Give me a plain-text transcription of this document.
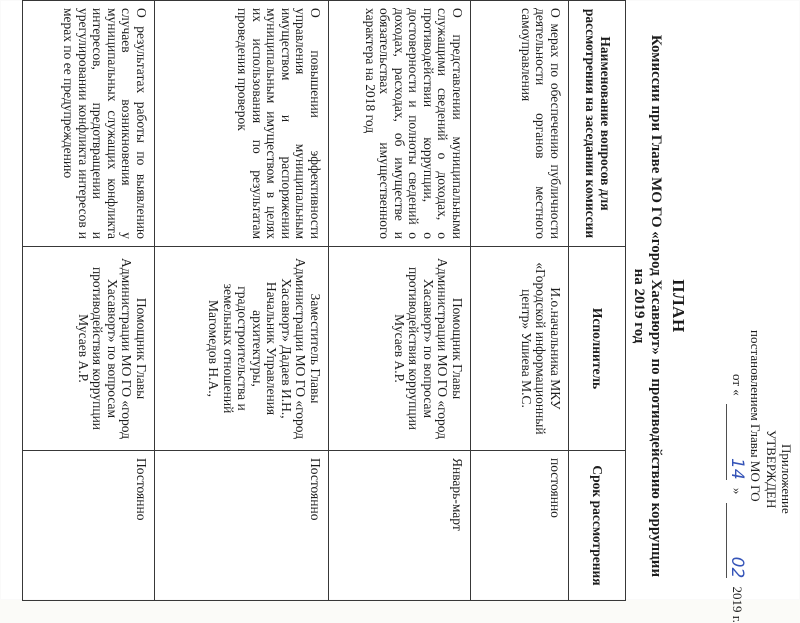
Приложение
УТВЕРЖДЕН
постановлением Главы МО ГО
от « 14 » 02 2019 г.
ПЛАН
Комиссии при Главе МО ГО «город Хасавюрт» по противодействию коррупции на 2019 год
Наименование вопросов для рассмотрения на заседании комиссии	Исполнитель	Срок рассмотрения
О мерах по обеспечению публичности деятельности органов местного самоуправления	И.о.начальника МКУ «Городской информационный центр» Ушиева М.С.	постоянно
О представлении муниципальными служащими сведений о доходах, о противодействии коррупции, о достоверности и полноты сведений о доходах, расходах, об имуществе и обязательствах имущественного характера на 2018 год	Помощник Главы Администрации МО ГО «город Хасавюрт» по вопросам противодействия коррупции Мусаев А.Р.	Январь-март
О повышении эффективности управления муниципальным имуществом и распоряжении муниципальным имуществом в целях их использования по результатам проведения проверок	Заместитель Главы Администрации МО ГО «город Хасавюрт» Дадаев И.Н., Начальник Управления архитектуры, градостроительства и земельных отношений Магомедов Н.А.,	Постоянно
О результатах работы по выявлению случаев возникновения у муниципальных служащих конфликта интересов, предотвращении и урегулировании конфликта интересов и мерах по ее предупреждению	Помощник Главы Администрации МО ГО «город Хасавюрт» по вопросам противодействия коррупции Мусаев А.Р.	Постоянно
